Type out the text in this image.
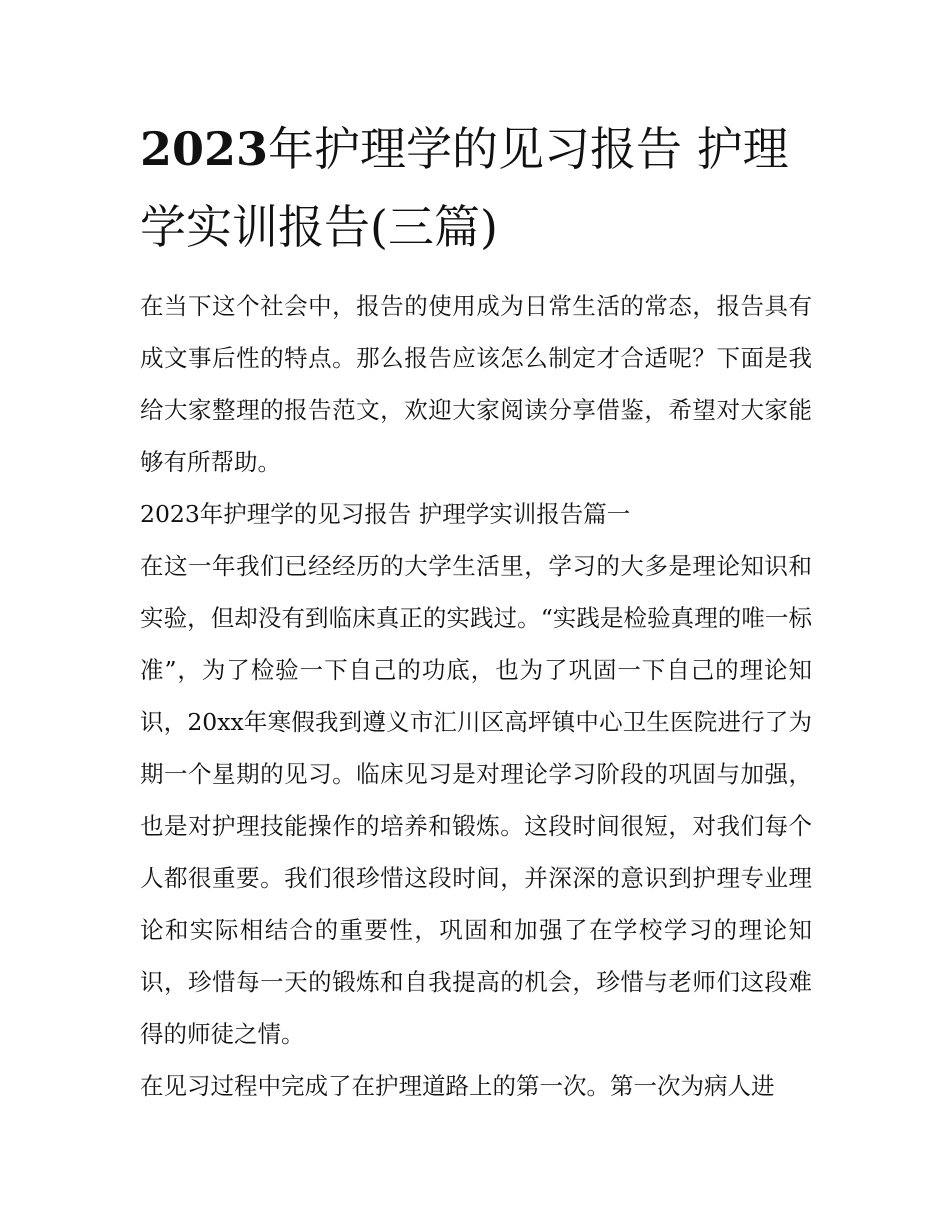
2023年护理学的见习报告 护理学实训报告(三篇)

在当下这个社会中，报告的使用成为日常生活的常态，报告具有成文事后性的特点。那么报告应该怎么制定才合适呢？下面是我给大家整理的报告范文，欢迎大家阅读分享借鉴，希望对大家能够有所帮助。

2023年护理学的见习报告 护理学实训报告篇一

在这一年我们已经经历的大学生活里，学习的大多是理论知识和实验，但却没有到临床真正的实践过。“实践是检验真理的唯一标准”，为了检验一下自己的功底，也为了巩固一下自己的理论知识，20xx年寒假我到遵义市汇川区高坪镇中心卫生医院进行了为期一个星期的见习。临床见习是对理论学习阶段的巩固与加强，也是对护理技能操作的培养和锻炼。这段时间很短，对我们每个人都很重要。我们很珍惜这段时间，并深深的意识到护理专业理论和实际相结合的重要性，巩固和加强了在学校学习的理论知识，珍惜每一天的锻炼和自我提高的机会，珍惜与老师们这段难得的师徒之情。

在见习过程中完成了在护理道路上的第一次。第一次为病人进
